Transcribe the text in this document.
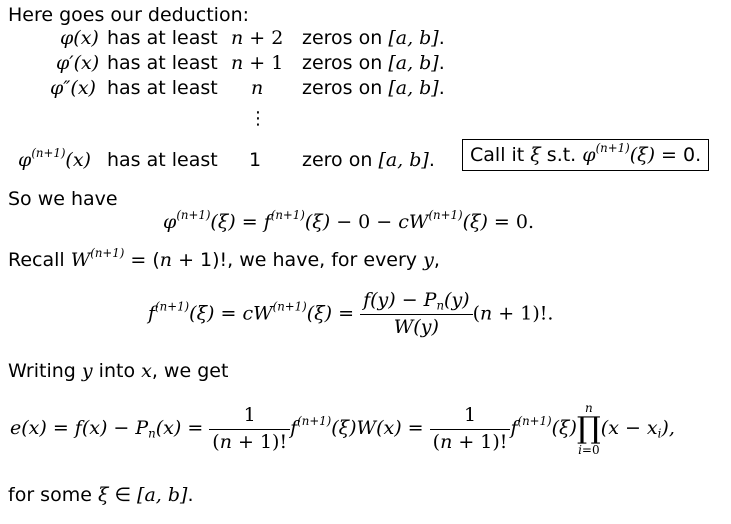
Here goes our deduction:
φ(x) has at least n + 2 zeros on [a, b].
φ′(x) has at least n + 1 zeros on [a, b].
φ″(x) has at least n zeros on [a, b].
⋮
$\varphi^{(n+1)}(x)$ has at least 1 zero on [a, b].	Call it ξ s.t. $\varphi^{(n+1)}(\xi) = 0$.
So we have
$\varphi^{(n+1)}(\xi) = f^{(n+1)}(\xi) - 0 - cW^{(n+1)}(\xi) = 0$.
Recall $W^{(n+1)} = (n + 1)$!, we have, for every y,
$f^{(n+1)}(\xi) = cW^{(n+1)}(\xi) = \frac{f(y) - P_n(y)}{W(y)} (n + 1)$!.
Writing y into x, we get
$e(x) = f(x) - P_n(x) = \frac{1}{(n + 1)!} f^{(n+1)}(\xi)W(x) = \frac{1}{(n + 1)!} f^{(n+1)}(\xi)$
n
∏
i=0
$(x - x_i)$,
for some ξ ∈ [a, b].
